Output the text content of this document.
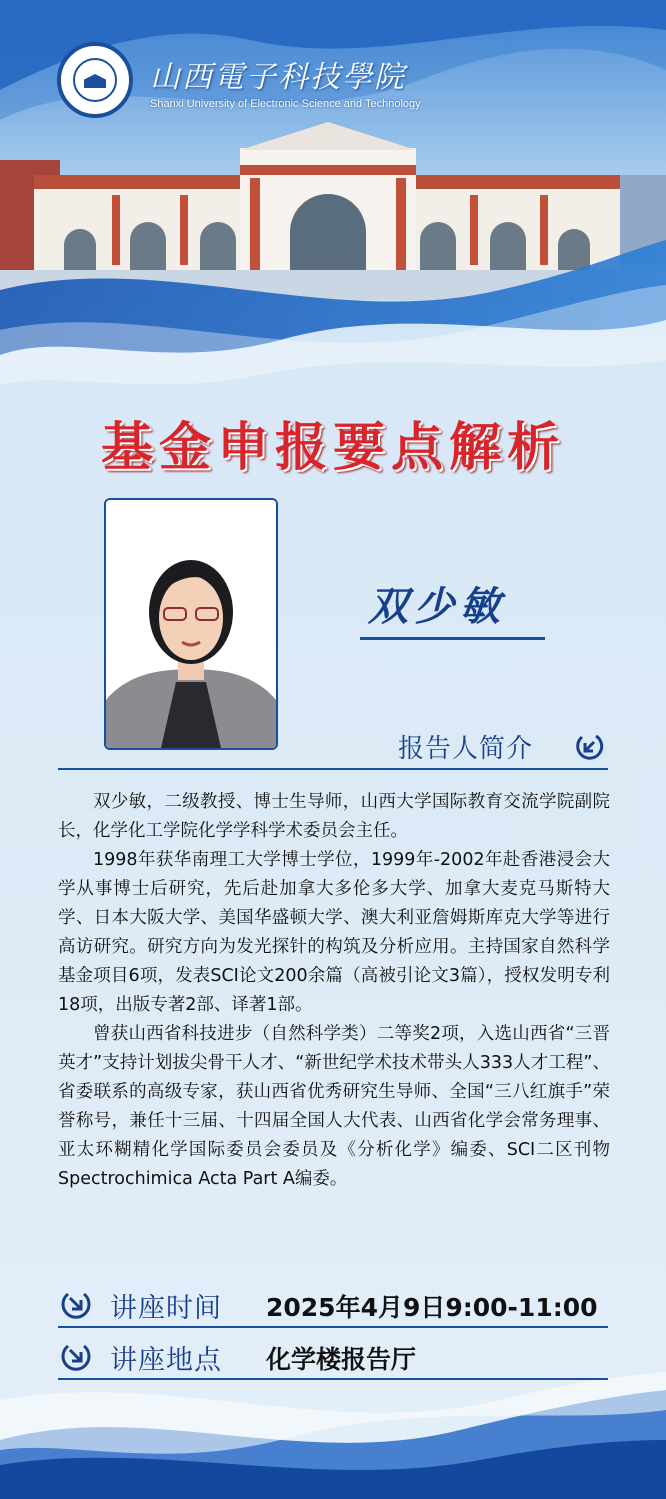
山西電子科技學院
Shanxi University of Electronic Science and Technology
基金申报要点解析
双少敏
报告人简介

双少敏，二级教授、博士生导师，山西大学国际教育交流学院副院长，化学化工学院化学学科学术委员会主任。

1998年获华南理工大学博士学位，1999年-2002年赴香港浸会大学从事博士后研究，先后赴加拿大多伦多大学、加拿大麦克马斯特大学、日本大阪大学、美国华盛顿大学、澳大利亚詹姆斯库克大学等进行高访研究。研究方向为发光探针的构筑及分析应用。主持国家自然科学基金项目6项，发表SCI论文200余篇（高被引论文3篇），授权发明专利18项，出版专著2部、译著1部。

曾获山西省科技进步（自然科学类）二等奖2项，入选山西省“三晋英才”支持计划拔尖骨干人才、“新世纪学术技术带头人333人才工程”、省委联系的高级专家，获山西省优秀研究生导师、全国“三八红旗手”荣誉称号，兼任十三届、十四届全国人大代表、山西省化学会常务理事、亚太环糊精化学国际委员会委员及《分析化学》编委、SCI二区刊物Spectrochimica Acta Part A编委。

讲座时间 2025年4月9日9:00-11:00
讲座地点 化学楼报告厅
